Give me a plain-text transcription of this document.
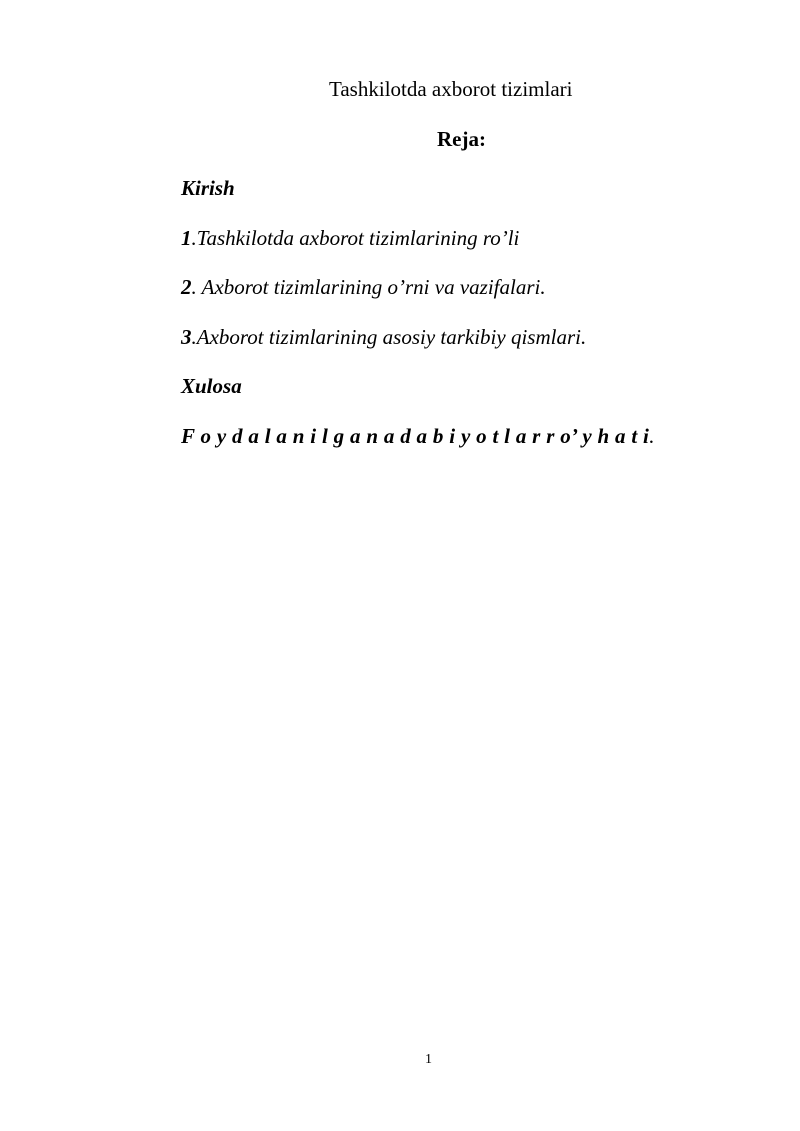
Tashkilotda axborot tizimlari
Reja:
Kirish
1.Tashkilotda axborot tizimlarining ro’li
2. Axborot tizimlarining o’rni va vazifalari.
3.Axborot tizimlarining asosiy tarkibiy qismlari.
Xulosa
F o y d a l a n i l g a n a d a b i y o t l a r r o’ y h a t i.
1
